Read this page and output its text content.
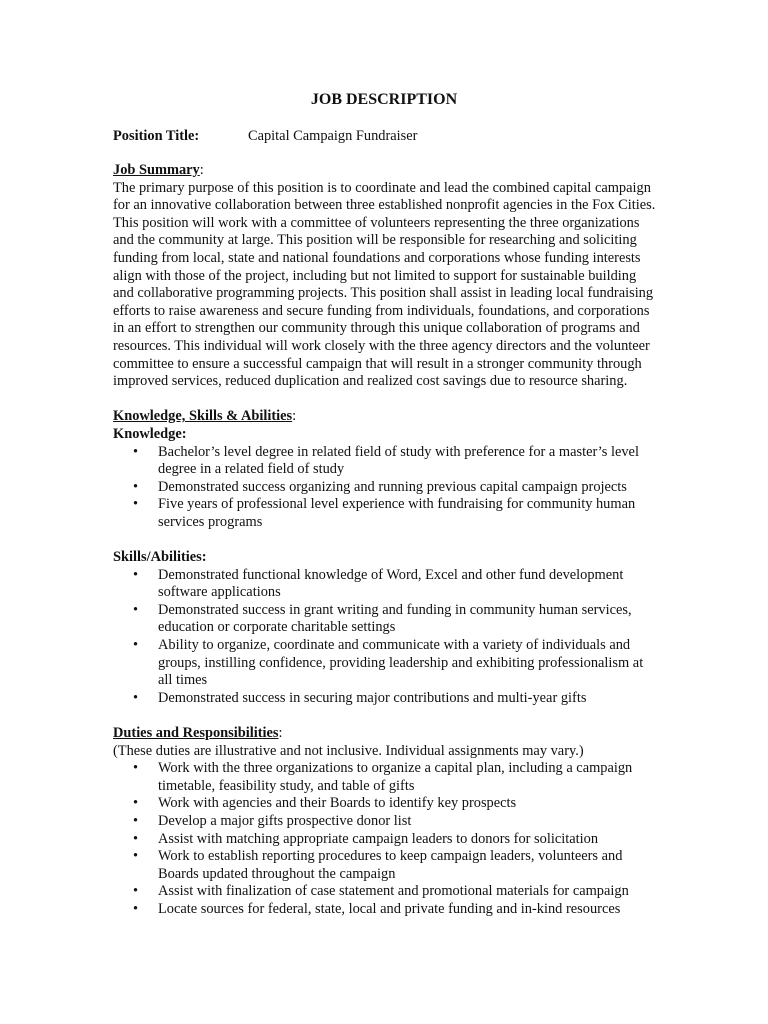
JOB DESCRIPTION
Position Title:	Capital Campaign Fundraiser
Job Summary:

The primary purpose of this position is to coordinate and lead the combined capital campaign for an innovative collaboration between three established nonprofit agencies in the Fox Cities. This position will work with a committee of volunteers representing the three organizations and the community at large. This position will be responsible for researching and soliciting funding from local, state and national foundations and corporations whose funding interests align with those of the project, including but not limited to support for sustainable building and collaborative programming projects. This position shall assist in leading local fundraising efforts to raise awareness and secure funding from individuals, foundations, and corporations in an effort to strengthen our community through this unique collaboration of programs and resources. This individual will work closely with the three agency directors and the volunteer committee to ensure a successful campaign that will result in a stronger community through improved services, reduced duplication and realized cost savings due to resource sharing.

Knowledge, Skills & Abilities:
Knowledge:
• Bachelor’s level degree in related field of study with preference for a master’s level degree in a related field of study
• Demonstrated success organizing and running previous capital campaign projects
• Five years of professional level experience with fundraising for community human services programs
Skills/Abilities:
• Demonstrated functional knowledge of Word, Excel and other fund development software applications
• Demonstrated success in grant writing and funding in community human services, education or corporate charitable settings
• Ability to organize, coordinate and communicate with a variety of individuals and groups, instilling confidence, providing leadership and exhibiting professionalism at all times
• Demonstrated success in securing major contributions and multi-year gifts
Duties and Responsibilities:

(These duties are illustrative and not inclusive. Individual assignments may vary.)

• Work with the three organizations to organize a capital plan, including a campaign timetable, feasibility study, and table of gifts
• Work with agencies and their Boards to identify key prospects
• Develop a major gifts prospective donor list
• Assist with matching appropriate campaign leaders to donors for solicitation
• Work to establish reporting procedures to keep campaign leaders, volunteers and Boards updated throughout the campaign
• Assist with finalization of case statement and promotional materials for campaign
• Locate sources for federal, state, local and private funding and in-kind resources
